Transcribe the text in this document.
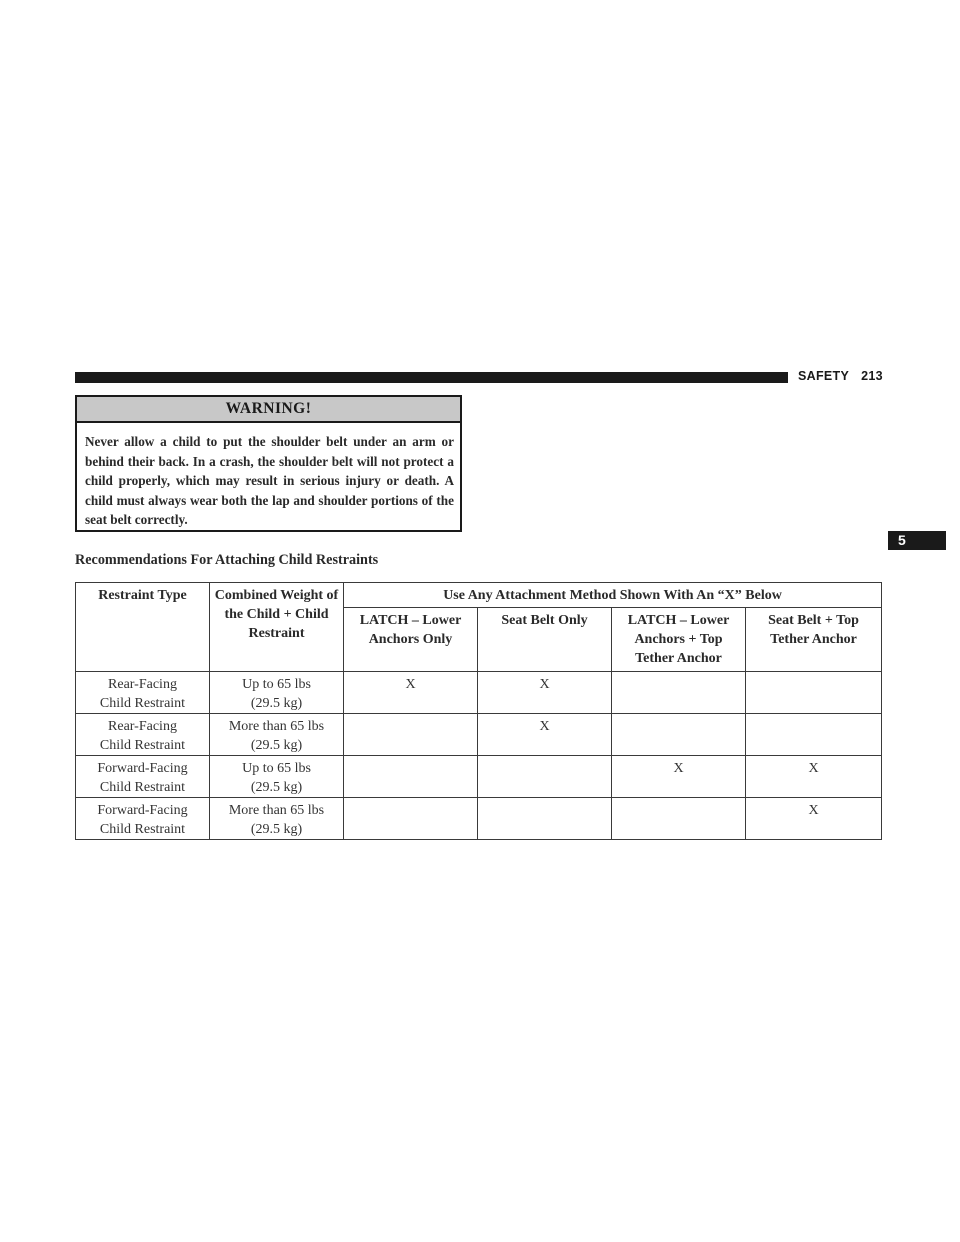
SAFETY 213
5
WARNING!
Never allow a child to put the shoulder belt under an arm or behind their back. In a crash, the shoulder belt will not protect a child properly, which may result in serious injury or death. A child must always wear both the lap and shoulder portions of the seat belt correctly.
Recommendations For Attaching Child Restraints
Restraint Type	Combined Weight of the Child + Child Restraint	Use Any Attachment Method Shown With An “X” Below			
		LATCH – Lower Anchors Only	Seat Belt Only	LATCH – Lower Anchors + Top Tether Anchor	Seat Belt + Top Tether Anchor
Rear-Facing
Child Restraint	Up to 65 lbs
(29.5 kg)	X	X		
Rear-Facing
Child Restraint	More than 65 lbs
(29.5 kg)		X		
Forward-Facing
Child Restraint	Up to 65 lbs
(29.5 kg)			X	X
Forward-Facing
Child Restraint	More than 65 lbs
(29.5 kg)				X
